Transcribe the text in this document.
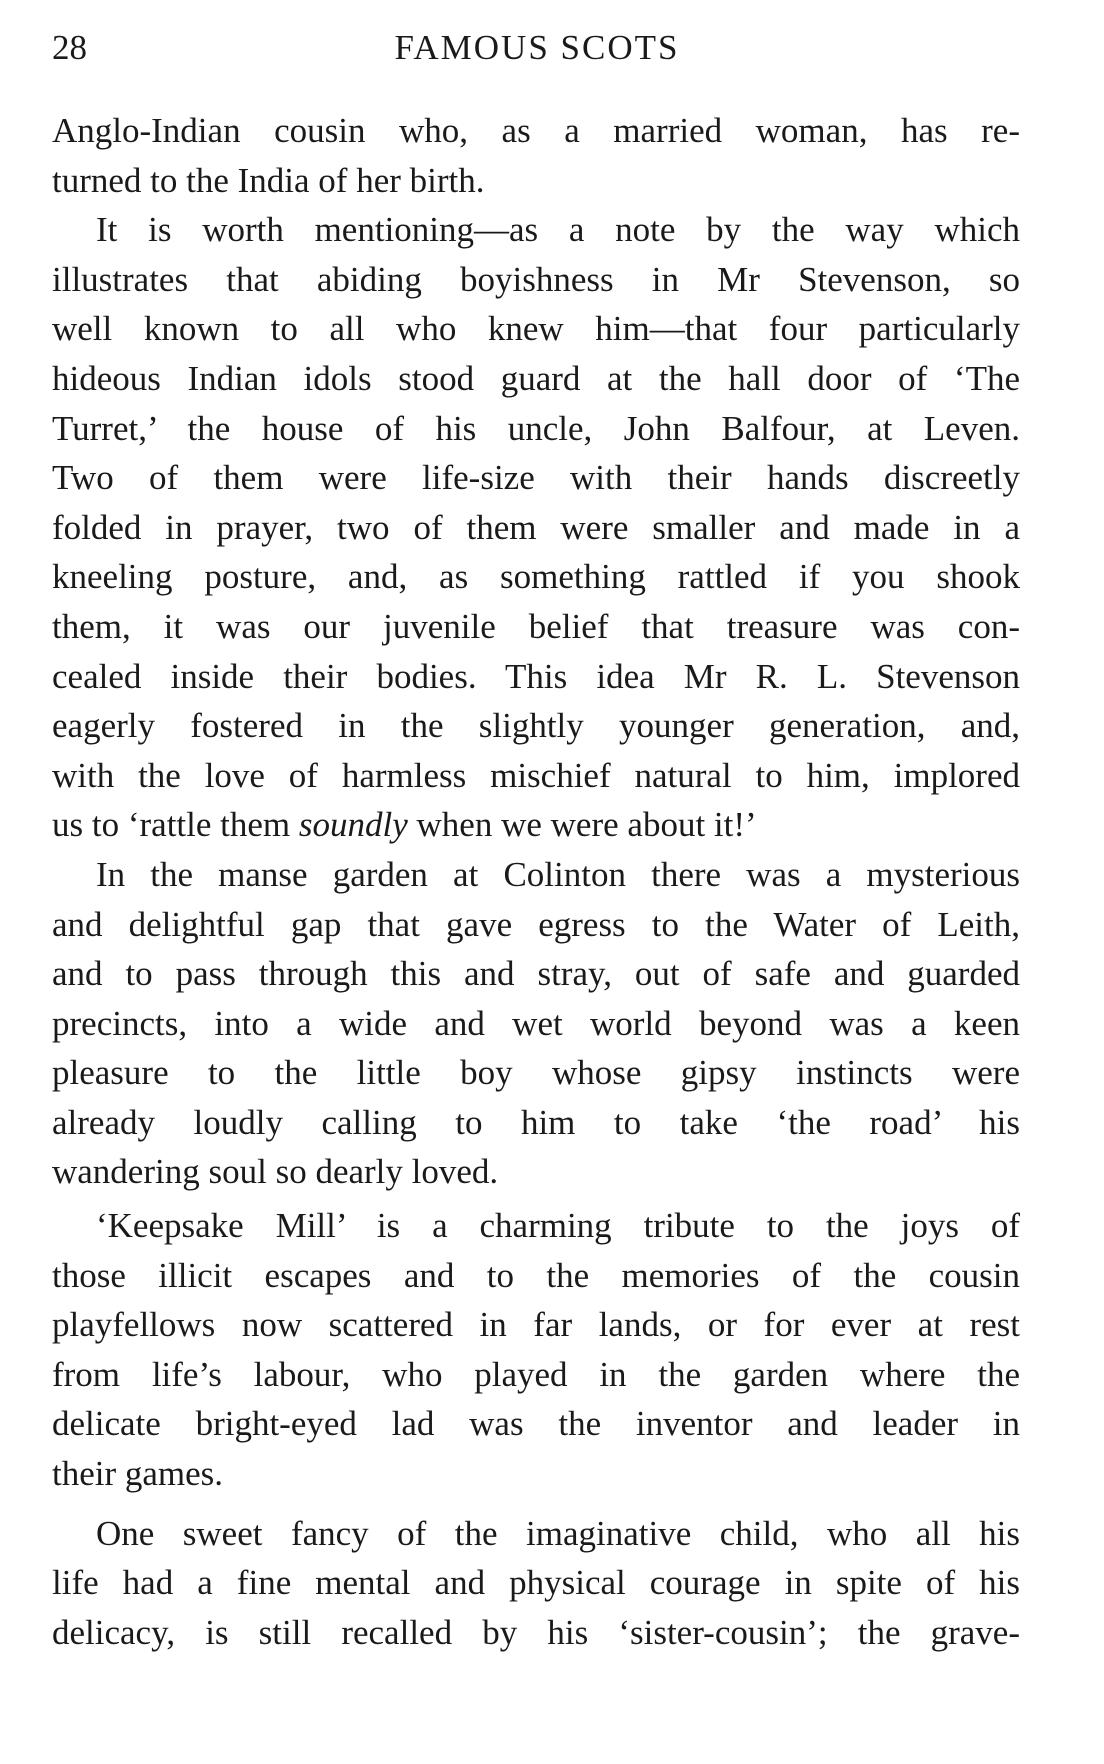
28	FAMOUS SCOTS
Anglo-Indian cousin who, as a married woman, has re-
turned to the India of her birth.
It is worth mentioning—as a note by the way which
illustrates that abiding boyishness in Mr Stevenson, so
well known to all who knew him—that four particularly
hideous Indian idols stood guard at the hall door of ‘The
Turret,’ the house of his uncle, John Balfour, at Leven.
Two of them were life-size with their hands discreetly
folded in prayer, two of them were smaller and made in a
kneeling posture, and, as something rattled if you shook
them, it was our juvenile belief that treasure was con-
cealed inside their bodies. This idea Mr R. L. Stevenson
eagerly fostered in the slightly younger generation, and,
with the love of harmless mischief natural to him, implored
us to ‘rattle them soundly when we were about it!’
In the manse garden at Colinton there was a mysterious
and delightful gap that gave egress to the Water of Leith,
and to pass through this and stray, out of safe and guarded
precincts, into a wide and wet world beyond was a keen
pleasure to the little boy whose gipsy instincts were
already loudly calling to him to take ‘the road’ his
wandering soul so dearly loved.
‘Keepsake Mill’ is a charming tribute to the joys of
those illicit escapes and to the memories of the cousin
playfellows now scattered in far lands, or for ever at rest
from life’s labour, who played in the garden where the
delicate bright-eyed lad was the inventor and leader in
their games.
One sweet fancy of the imaginative child, who all his
life had a fine mental and physical courage in spite of his
delicacy, is still recalled by his ‘sister-cousin’; the grave-
